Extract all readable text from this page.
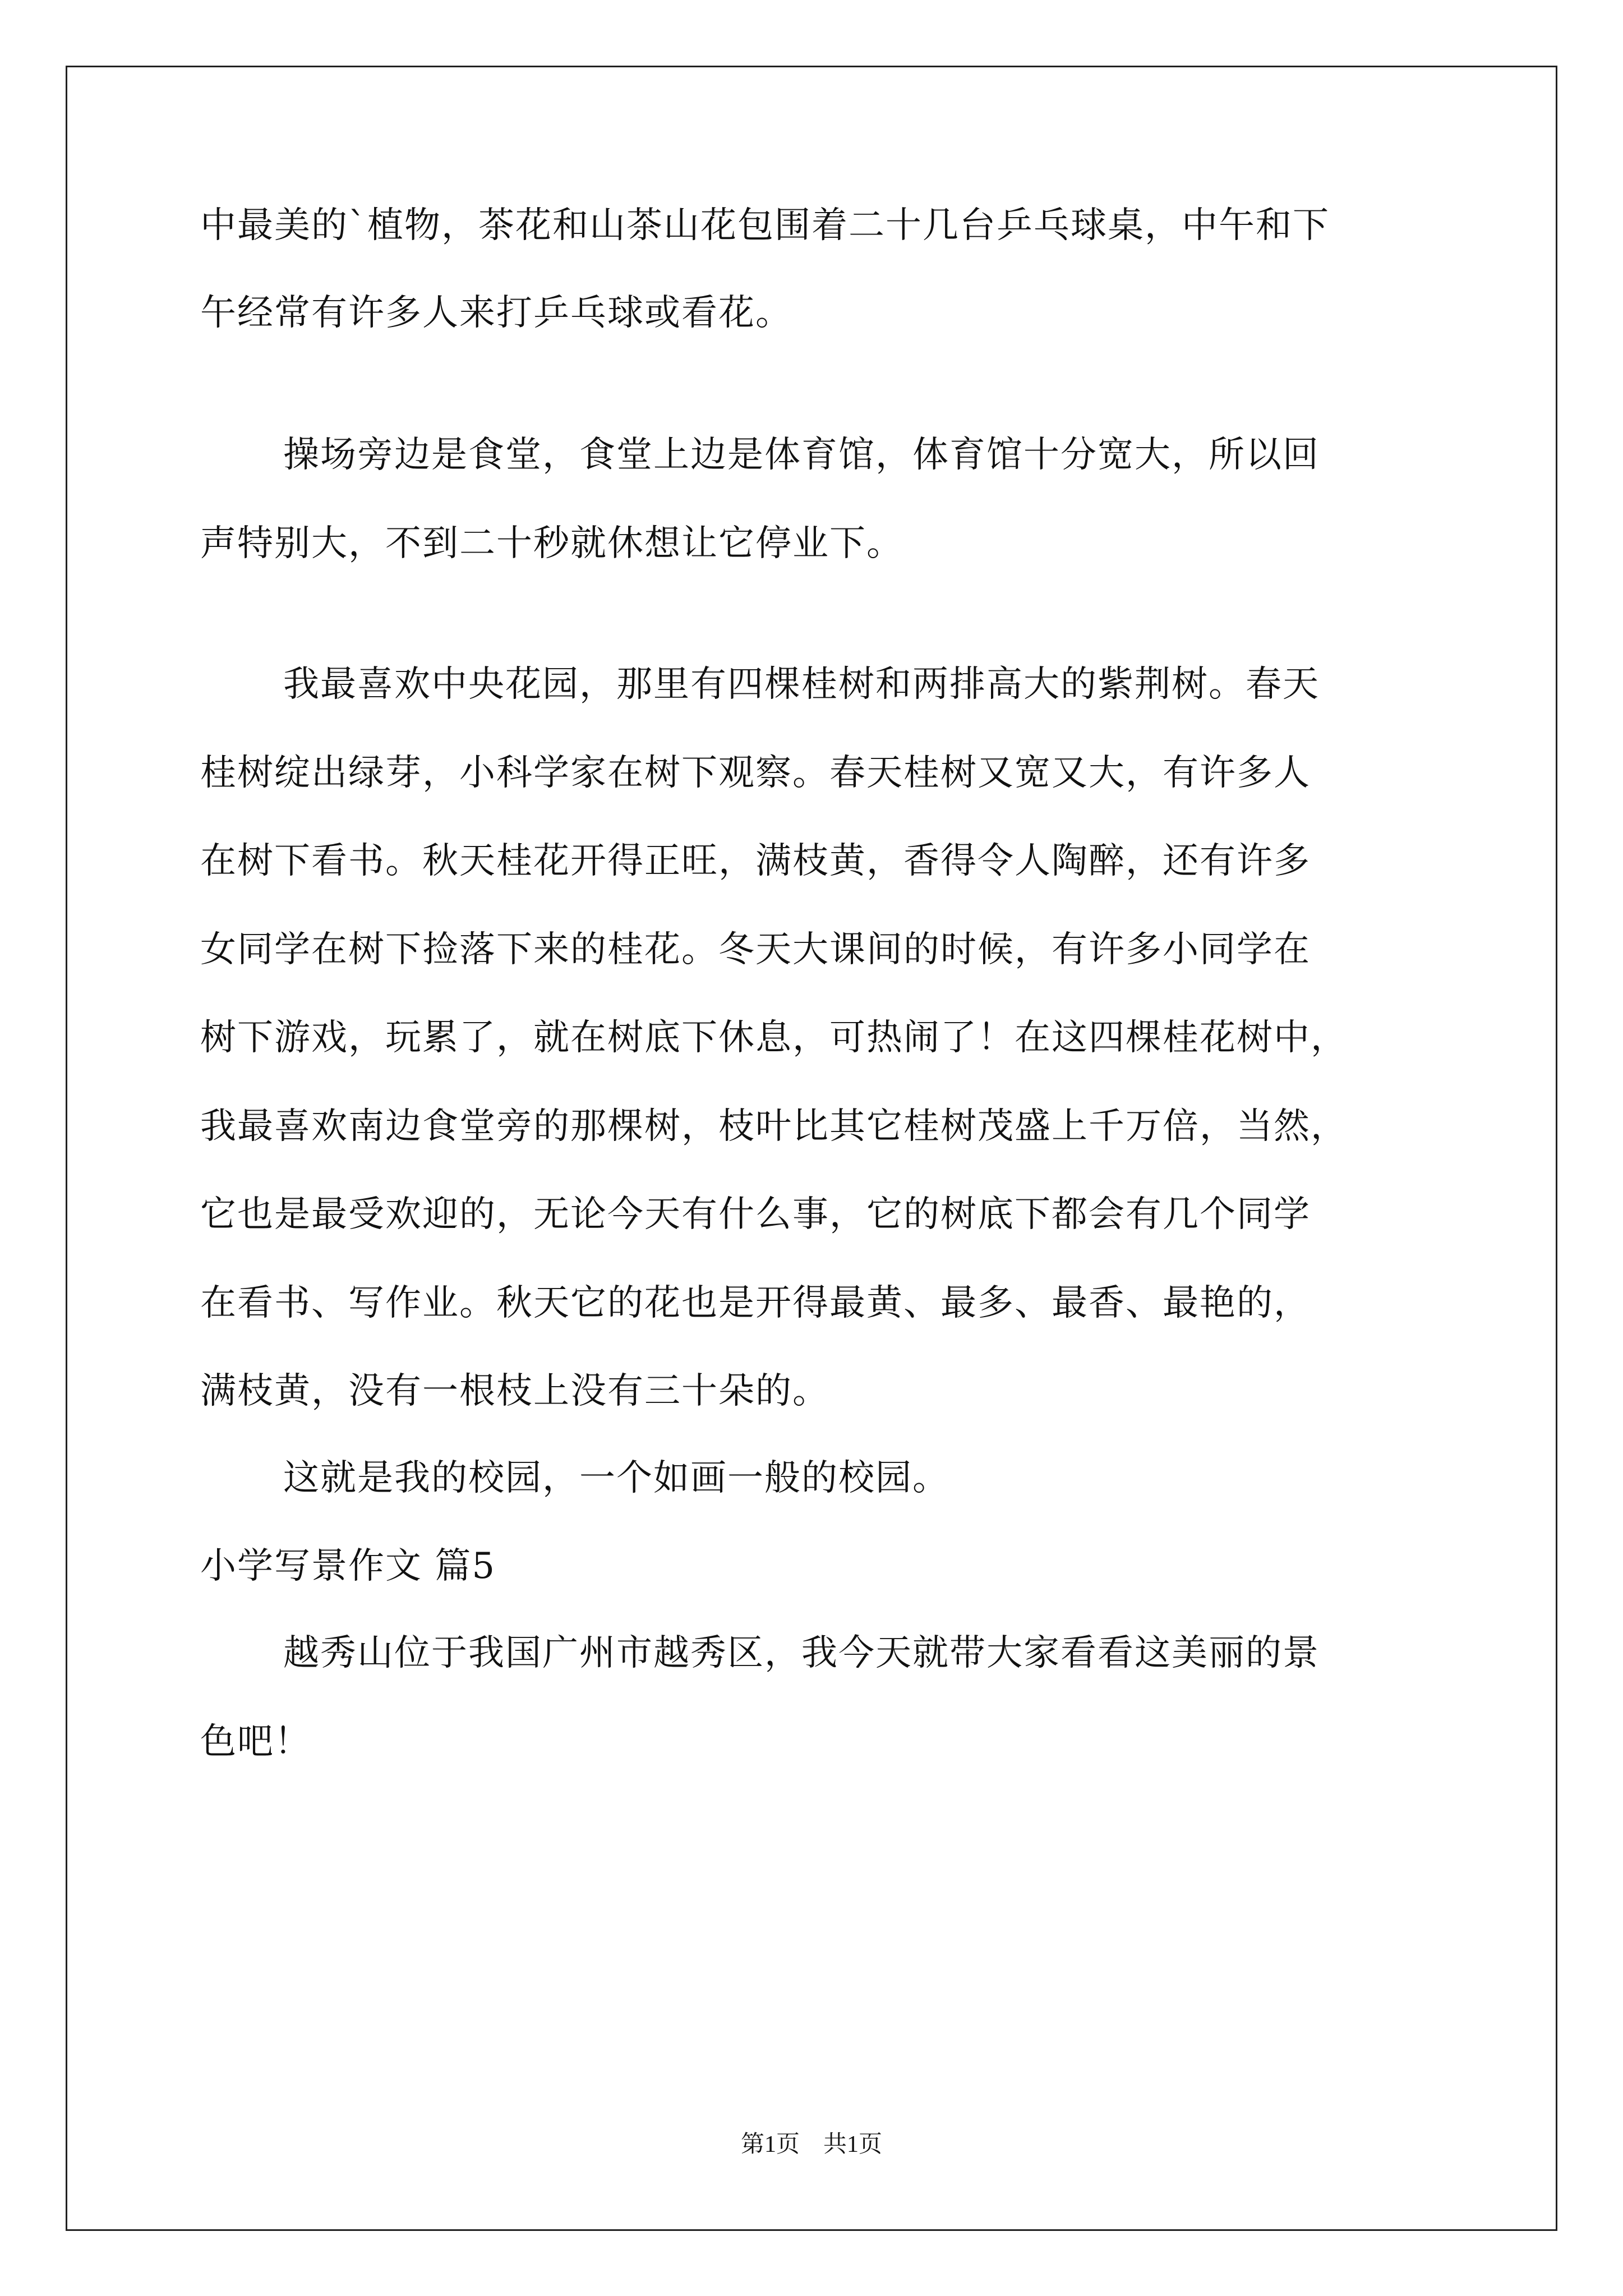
中最美的`植物，茶花和山茶山花包围着二十几台乒乓球桌，中午和下
午经常有许多人来打乒乓球或看花。
操场旁边是食堂，食堂上边是体育馆，体育馆十分宽大，所以回
声特别大，不到二十秒就休想让它停业下。
我最喜欢中央花园，那里有四棵桂树和两排高大的紫荆树。春天
桂树绽出绿芽，小科学家在树下观察。春天桂树又宽又大，有许多人
在树下看书。秋天桂花开得正旺，满枝黄，香得令人陶醉，还有许多
女同学在树下捡落下来的桂花。冬天大课间的时候，有许多小同学在
树下游戏，玩累了，就在树底下休息，可热闹了！在这四棵桂花树中，
我最喜欢南边食堂旁的那棵树，枝叶比其它桂树茂盛上千万倍，当然，
它也是最受欢迎的，无论今天有什么事，它的树底下都会有几个同学
在看书、写作业。秋天它的花也是开得最黄、最多、最香、最艳的，
满枝黄，没有一根枝上没有三十朵的。
这就是我的校园，一个如画一般的校园。
小学写景作文 篇5
越秀山位于我国广州市越秀区，我今天就带大家看看这美丽的景
色吧！
第1页　共1页
